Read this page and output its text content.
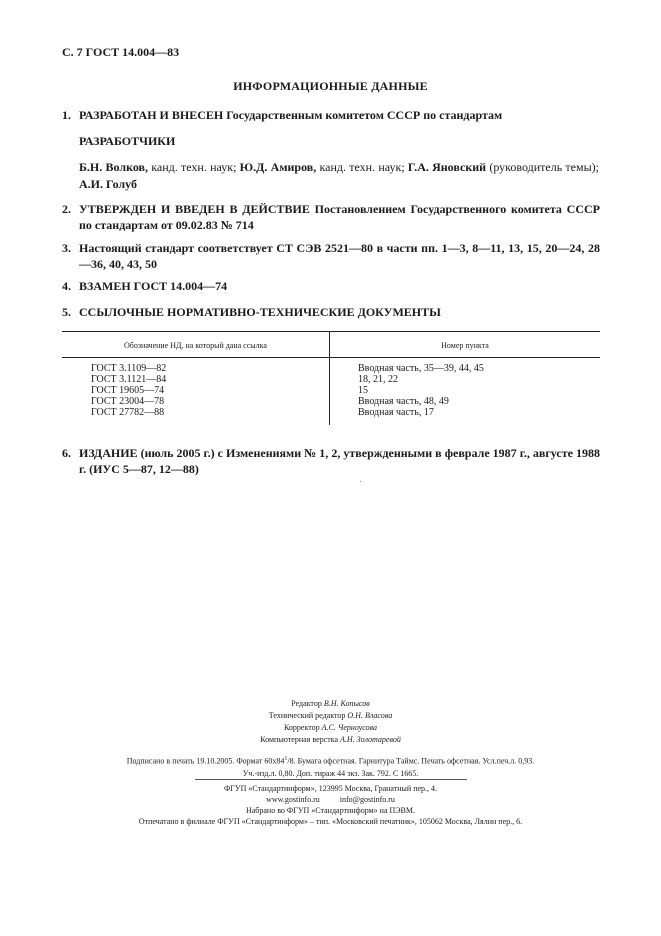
С. 7 ГОСТ 14.004—83
ИНФОРМАЦИОННЫЕ ДАННЫЕ
1. РАЗРАБОТАН И ВНЕСЕН Государственным комитетом СССР по стандартам
РАЗРАБОТЧИКИ
Б.Н. Волков, канд. техн. наук; Ю.Д. Амиров, канд. техн. наук; Г.А. Яновский (руководитель темы); А.И. Голуб
2. УТВЕРЖДЕН И ВВЕДЕН В ДЕЙСТВИЕ Постановлением Государственного комитета СССР по стандартам от 09.02.83 № 714
3. Настоящий стандарт соответствует СТ СЭВ 2521—80 в части пп. 1—3, 8—11, 13, 15, 20—24, 28—36, 40, 43, 50
4. ВЗАМЕН ГОСТ 14.004—74
5. ССЫЛОЧНЫЕ НОРМАТИВНО-ТЕХНИЧЕСКИЕ ДОКУМЕНТЫ
Обозначение НД, на который дана ссылка	Номер пункта
ГОСТ 3.1109—82	Вводная часть, 35—39, 44, 45
ГОСТ 3.1121—84	18, 21, 22
ГОСТ 19605—74	15
ГОСТ 23004—78	Вводная часть, 48, 49
ГОСТ 27782—88	Вводная часть, 17
6. ИЗДАНИЕ (июль 2005 г.) с Изменениями № 1, 2, утвержденными в феврале 1987 г., августе 1988 г. (ИУС 5—87, 12—88)
Редактор В.Н. Копысов
Технический редактор О.Н. Власова
Корректор А.С. Черноусова
Компьютерная верстка А.Н. Золотаревой
Подписано в печать 19.10.2005. Формат $60x84^1/8$. Бумага офсетная. Гарнитура Таймс. Печать офсетная. Усл.печ.л. 0,93.
Уч.-изд.л. 0,80. Доп. тираж 44 экз. Зак. 792. С 1665.
ФГУП «Стандартинформ», 123995 Москва, Гранатный пер., 4.
www.gostinfo.ru          info@gostinfo.ru
Набрано во ФГУП «Стандартинформ» на ПЭВМ.
Отпечатано в филиале ФГУП «Стандартинформ» – тип. «Московский печатник», 105062 Москва, Лялин пер., 6.
